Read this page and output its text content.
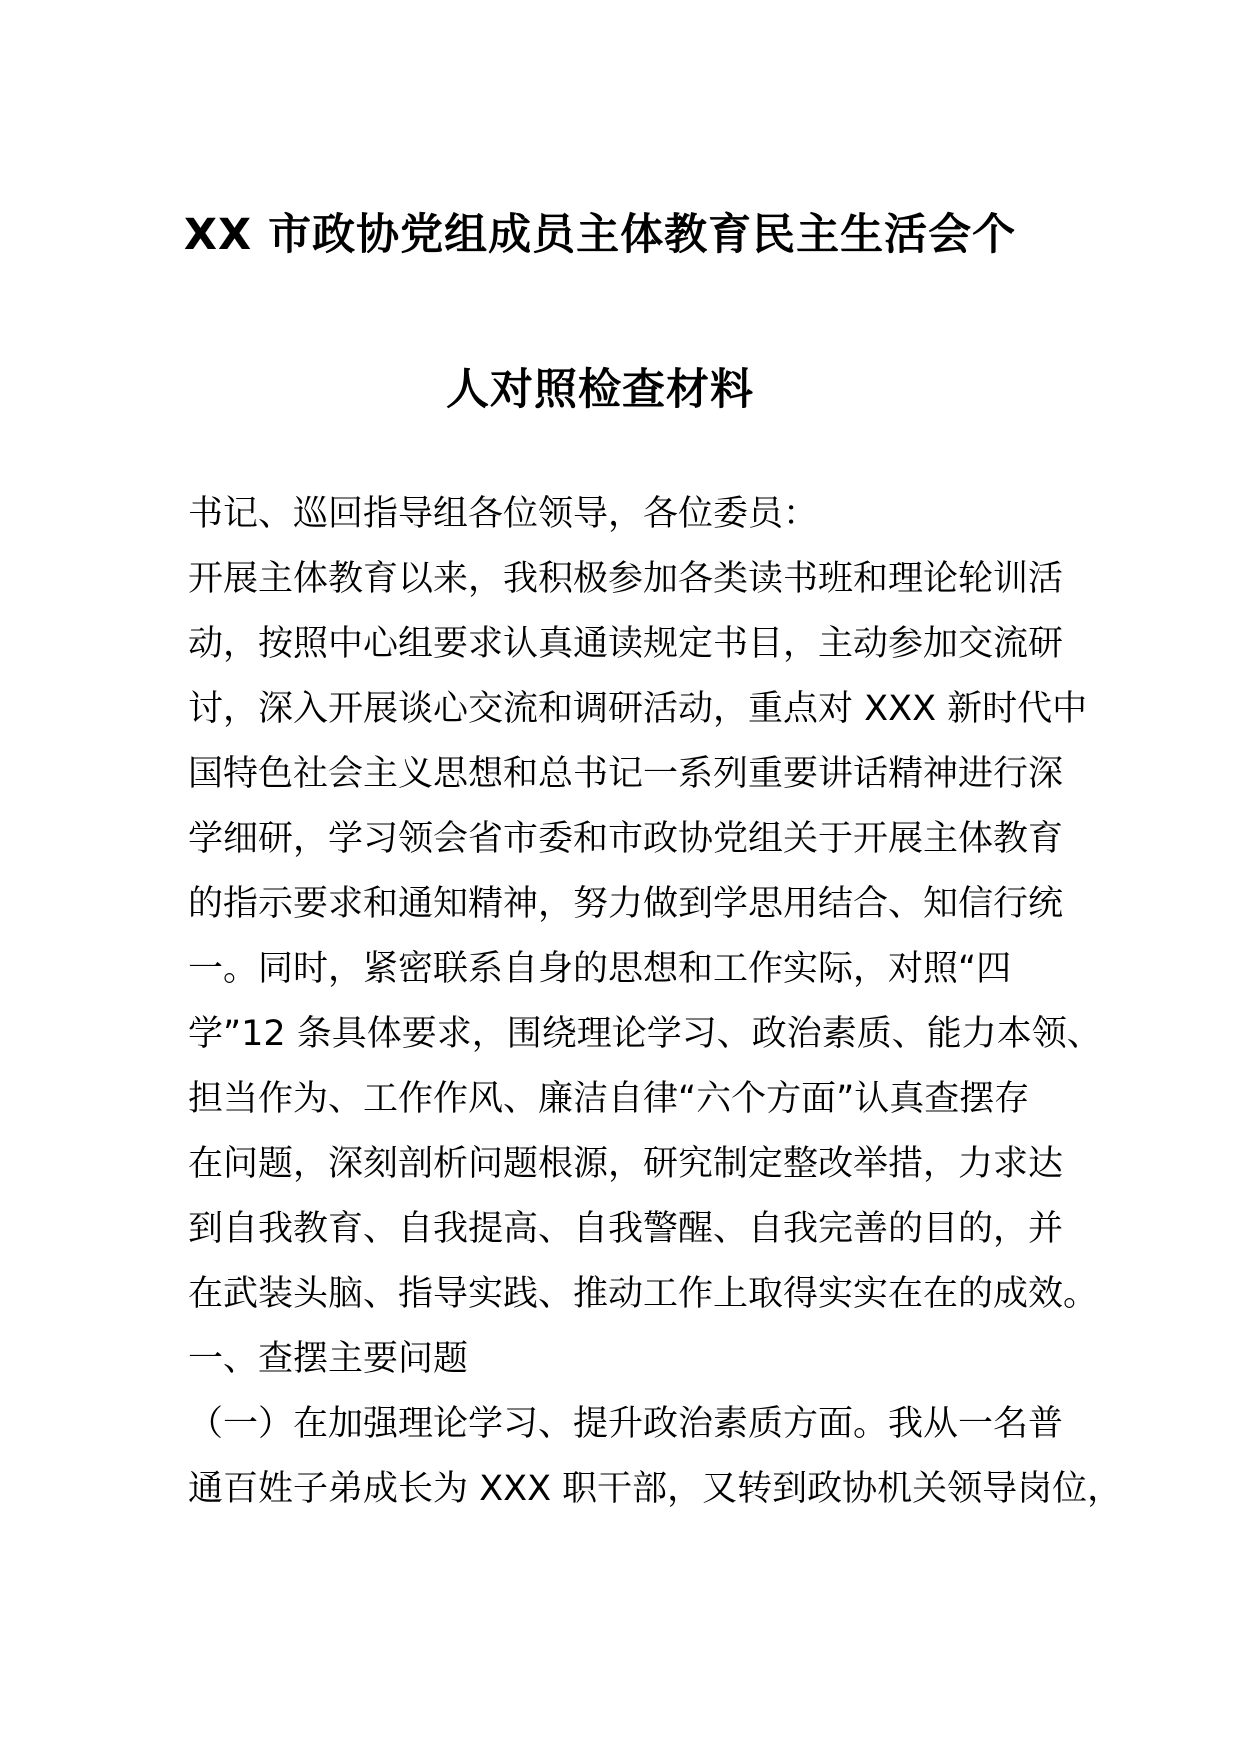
XX 市政协党组成员主体教育民主生活会个
人对照检查材料
书记、巡回指导组各位领导，各位委员：
开展主体教育以来，我积极参加各类读书班和理论轮训活
动，按照中心组要求认真通读规定书目，主动参加交流研
讨，深入开展谈心交流和调研活动，重点对 XXX 新时代中
国特色社会主义思想和总书记一系列重要讲话精神进行深
学细研，学习领会省市委和市政协党组关于开展主体教育
的指示要求和通知精神，努力做到学思用结合、知信行统
一。同时，紧密联系自身的思想和工作实际，对照“四
学”12 条具体要求，围绕理论学习、政治素质、能力本领、
担当作为、工作作风、廉洁自律“六个方面”认真查摆存
在问题，深刻剖析问题根源，研究制定整改举措，力求达
到自我教育、自我提高、自我警醒、自我完善的目的，并
在武装头脑、指导实践、推动工作上取得实实在在的成效。
一、查摆主要问题
（一）在加强理论学习、提升政治素质方面。我从一名普
通百姓子弟成长为 XXX 职干部，又转到政协机关领导岗位，
